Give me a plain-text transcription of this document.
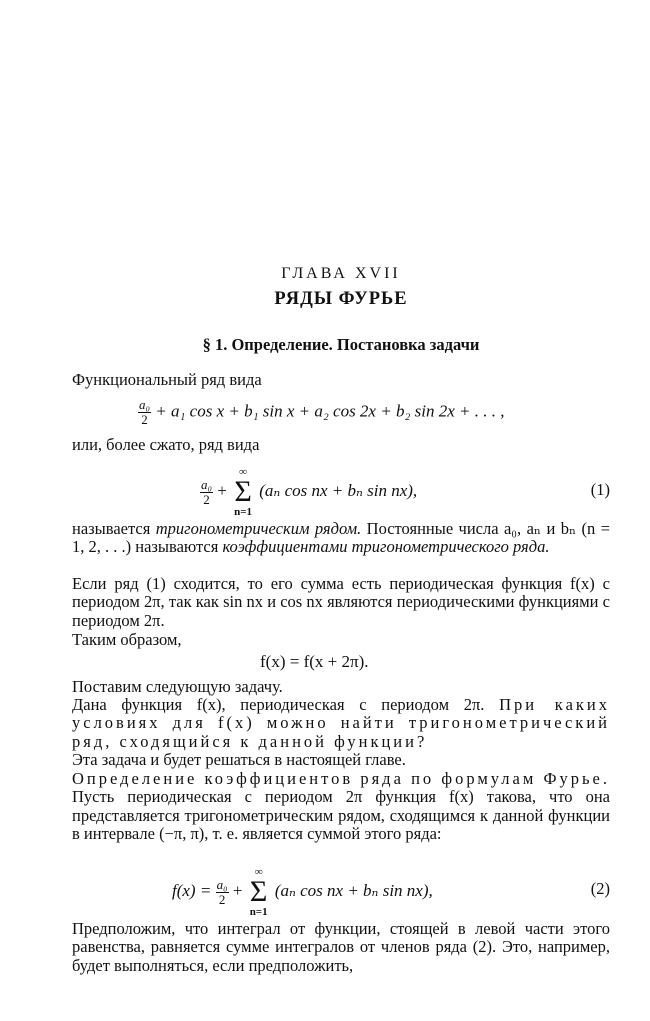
ГЛАВА XVII
РЯДЫ ФУРЬЕ
§ 1. Определение. Постановка задачи

Функциональный ряд вида

$\frac{\text{a₀}}{2} + a_1$ cos x + b₁ sin x + a₂ cos 2x + b₂ sin 2x + . . . ,

или, более сжато, ряд вида

$\frac{\text{a₀}}{2}$ +
∞
Σ
n=1
(aₙ cos nx + bₙ sin nx),	(1)

называется тригонометрическим рядом. Постоянные числа a₀, aₙ и bₙ (n = 1, 2, . . .) называются коэффициентами тригонометрического ряда.

Если ряд (1) сходится, то его сумма есть периодическая функция f(x) с периодом 2π, так как sin nx и cos nx являются периодическими функциями с периодом 2π.

Таким образом,

f(x) = f(x + 2π).

Поставим следующую задачу.

Дана функция f(x), периодическая с периодом 2π. При каких условиях для f(x) можно найти тригонометрический ряд, сходящийся к данной функции?

Эта задача и будет решаться в настоящей главе.

Определение коэффициентов ряда по формулам Фурье. Пусть периодическая с периодом 2π функция f(x) такова, что она представляется тригонометрическим рядом, сходящимся к данной функции в интервале (−π, π), т. е. является суммой этого ряда:

$f(x) = \frac{\text{a₀}}{2}$ +
∞
Σ
n=1
(aₙ cos nx + bₙ sin nx),	(2)

Предположим, что интеграл от функции, стоящей в левой части этого равенства, равняется сумме интегралов от членов ряда (2). Это, например, будет выполняться, если предположить,
